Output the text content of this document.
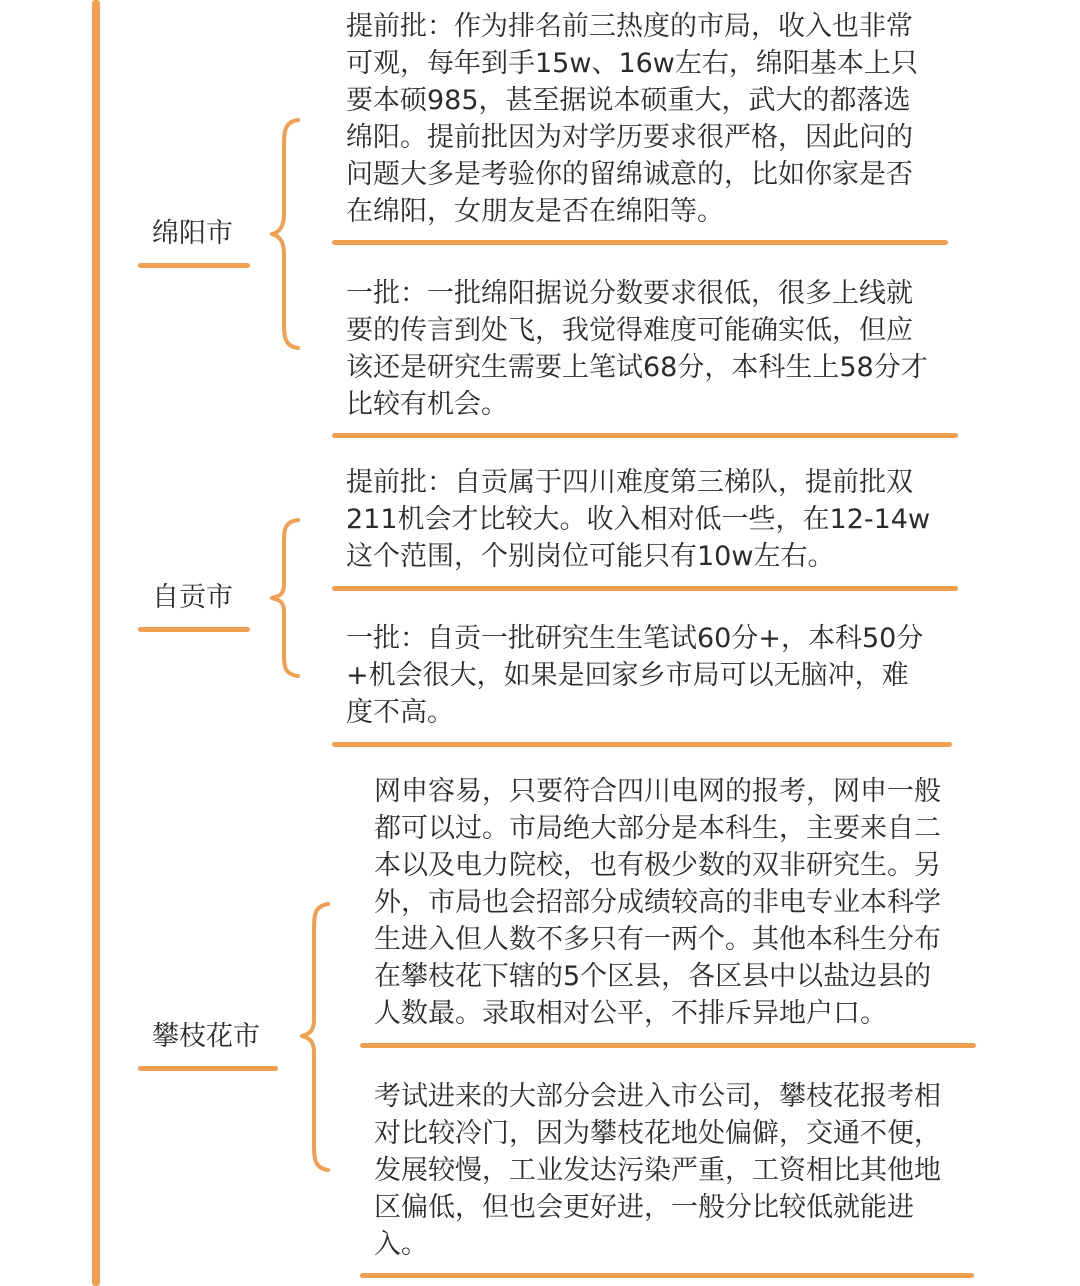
绵阳市

提前批：作为排名前三热度的市局，收入也非常
可观，每年到手15w、16w左右，绵阳基本上只
要本硕985，甚至据说本硕重大，武大的都落选
绵阳。提前批因为对学历要求很严格，因此问的
问题大多是考验你的留绵诚意的，比如你家是否
在绵阳，女朋友是否在绵阳等。

一批：一批绵阳据说分数要求很低，很多上线就
要的传言到处飞，我觉得难度可能确实低，但应
该还是研究生需要上笔试68分，本科生上58分才
比较有机会。

自贡市

提前批：自贡属于四川难度第三梯队，提前批双
211机会才比较大。收入相对低一些，在12-14w
这个范围，个别岗位可能只有10w左右。

一批：自贡一批研究生生笔试60分+，本科50分
+机会很大，如果是回家乡市局可以无脑冲，难
度不高。

攀枝花市

网申容易，只要符合四川电网的报考，网申一般
都可以过。市局绝大部分是本科生，主要来自二
本以及电力院校，也有极少数的双非研究生。另
外，市局也会招部分成绩较高的非电专业本科学
生进入但人数不多只有一两个。其他本科生分布
在攀枝花下辖的5个区县，各区县中以盐边县的
人数最。录取相对公平，不排斥异地户口。

考试进来的大部分会进入市公司，攀枝花报考相
对比较冷门，因为攀枝花地处偏僻，交通不便，
发展较慢，工业发达污染严重，工资相比其他地
区偏低，但也会更好进，一般分比较低就能进
入。
